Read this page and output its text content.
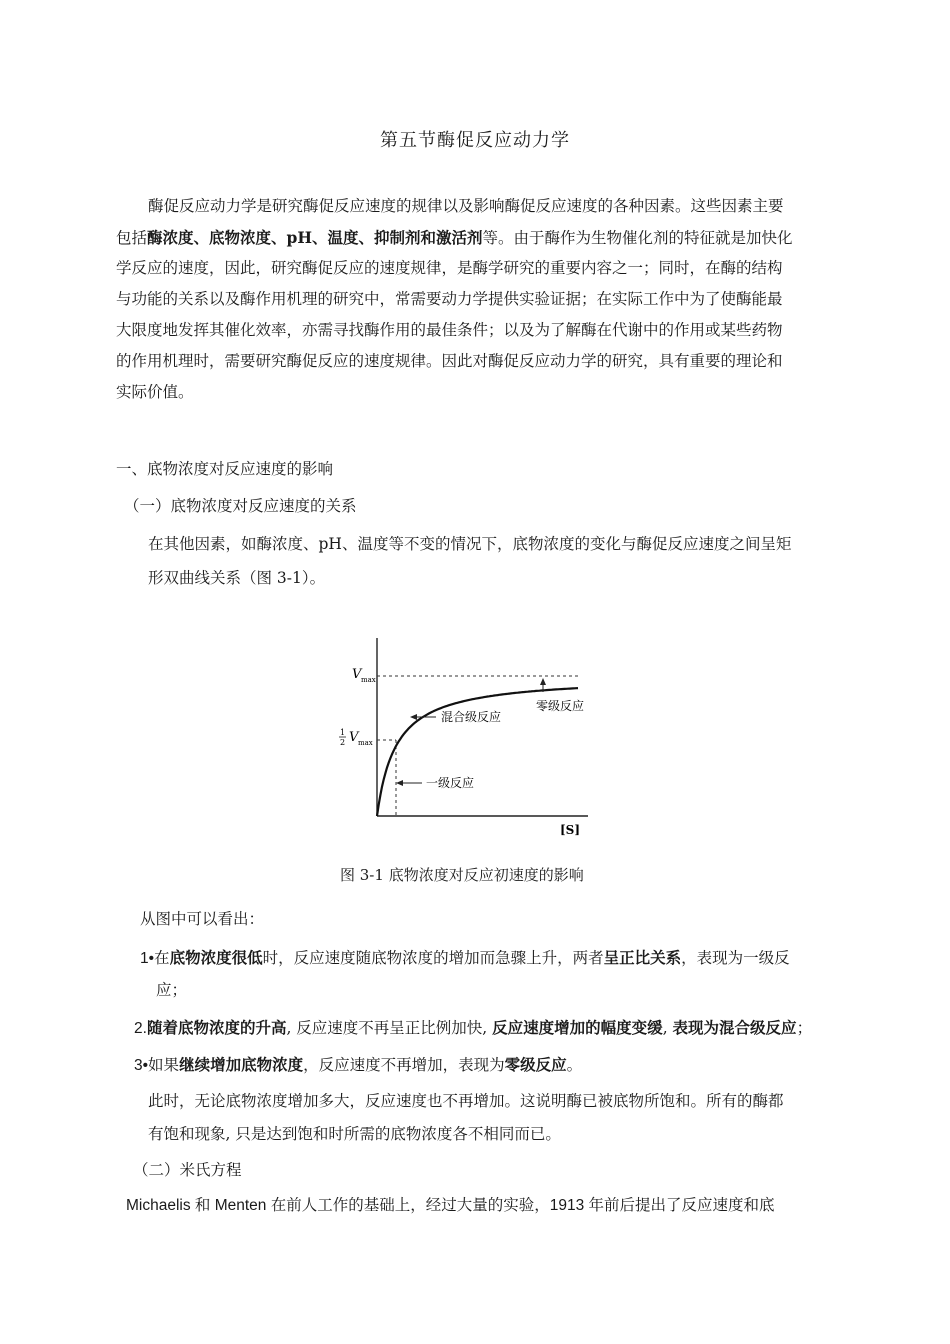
第五节酶促反应动力学
酶促反应动力学是研究酶促反应速度的规律以及影响酶促反应速度的各种因素。这些因素主要
包括酶浓度、底物浓度、pH、温度、抑制剂和激活剂等。由于酶作为生物催化剂的特征就是加快化
学反应的速度，因此，研究酶促反应的速度规律，是酶学研究的重要内容之一；同时，在酶的结构
与功能的关系以及酶作用机理的研究中，常需要动力学提供实验证据；在实际工作中为了使酶能最
大限度地发挥其催化效率，亦需寻找酶作用的最佳条件；以及为了解酶在代谢中的作用或某些药物
的作用机理时，需要研究酶促反应的速度规律。因此对酶促反应动力学的研究，具有重要的理论和
实际价值。
一、底物浓度对反应速度的影响
（一）底物浓度对反应速度的关系
在其他因素，如酶浓度、pH、温度等不变的情况下，底物浓度的变化与酶促反应速度之间呈矩
形双曲线关系（图 3-1）。
V max
1
2 V max
混合级反应
零级反应
一级反应
[S]
图 3-1 底物浓度对反应初速度的影响
从图中可以看出：
1•在底物浓度很低时，反应速度随底物浓度的增加而急骤上升，两者呈正比关系，表现为一级反
应；
2.随着底物浓度的升高, 反应速度不再呈正比例加快, 反应速度增加的幅度变缓, 表现为混合级反应；
3•如果继续增加底物浓度，反应速度不再增加，表现为零级反应。
此时，无论底物浓度增加多大，反应速度也不再增加。这说明酶已被底物所饱和。所有的酶都
有饱和现象, 只是达到饱和时所需的底物浓度各不相同而已。
（二）米氏方程
Michaelis 和 Menten 在前人工作的基础上，经过大量的实验，1913 年前后提出了反应速度和底
